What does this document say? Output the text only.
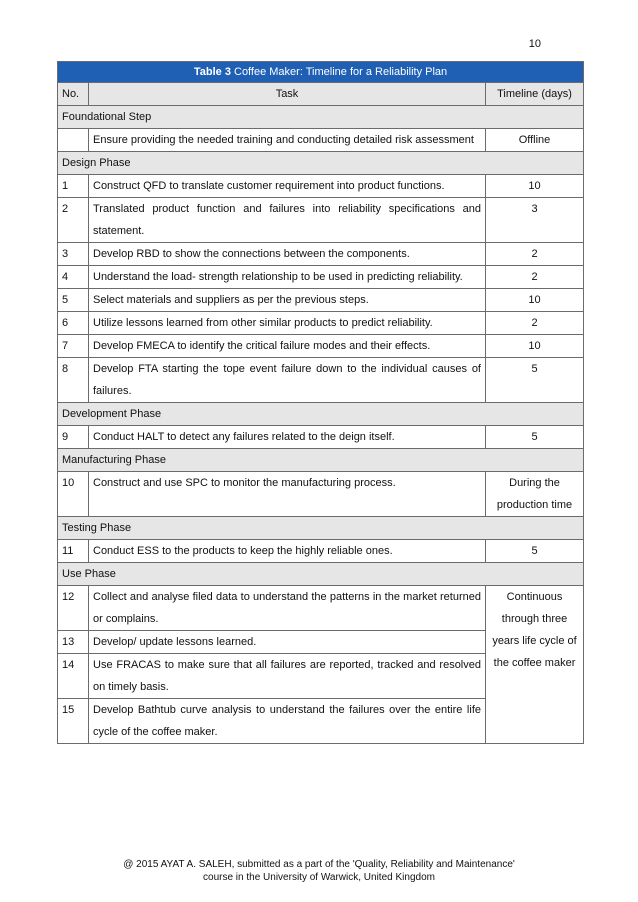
10
Table 3 Coffee Maker: Timeline for a Reliability Plan		
No.	Task	Timeline (days)
Foundational Step		
	Ensure providing the needed training and conducting detailed risk assessment	Offline
Design Phase		
1	Construct QFD to translate customer requirement into product functions.	10
2	Translated product function and failures into reliability specifications and statement.	3
3	Develop RBD to show the connections between the components.	2
4	Understand the load- strength relationship to be used in predicting reliability.	2
5	Select materials and suppliers as per the previous steps.	10
6	Utilize lessons learned from other similar products to predict reliability.	2
7	Develop FMECA to identify the critical failure modes and their effects.	10
8	Develop FTA starting the tope event failure down to the individual causes of failures.	5
Development Phase		
9	Conduct HALT to detect any failures related to the deign itself.	5
Manufacturing Phase		
10	Construct and use SPC to monitor the manufacturing process.	During the production time
Testing Phase		
11	Conduct ESS to the products to keep the highly reliable ones.	5
Use Phase		
12	Collect and analyse filed data to understand the patterns in the market returned or complains.	Continuous through three years life cycle of the coffee maker
13	Develop/ update lessons learned.	
14	Use FRACAS to make sure that all failures are reported, tracked and resolved on timely basis.	
15	Develop Bathtub curve analysis to understand the failures over the entire life cycle of the coffee maker.	
@ 2015 AYAT A. SALEH, submitted as a part of the 'Quality, Reliability and Maintenance'
course in the University of Warwick, United Kingdom
